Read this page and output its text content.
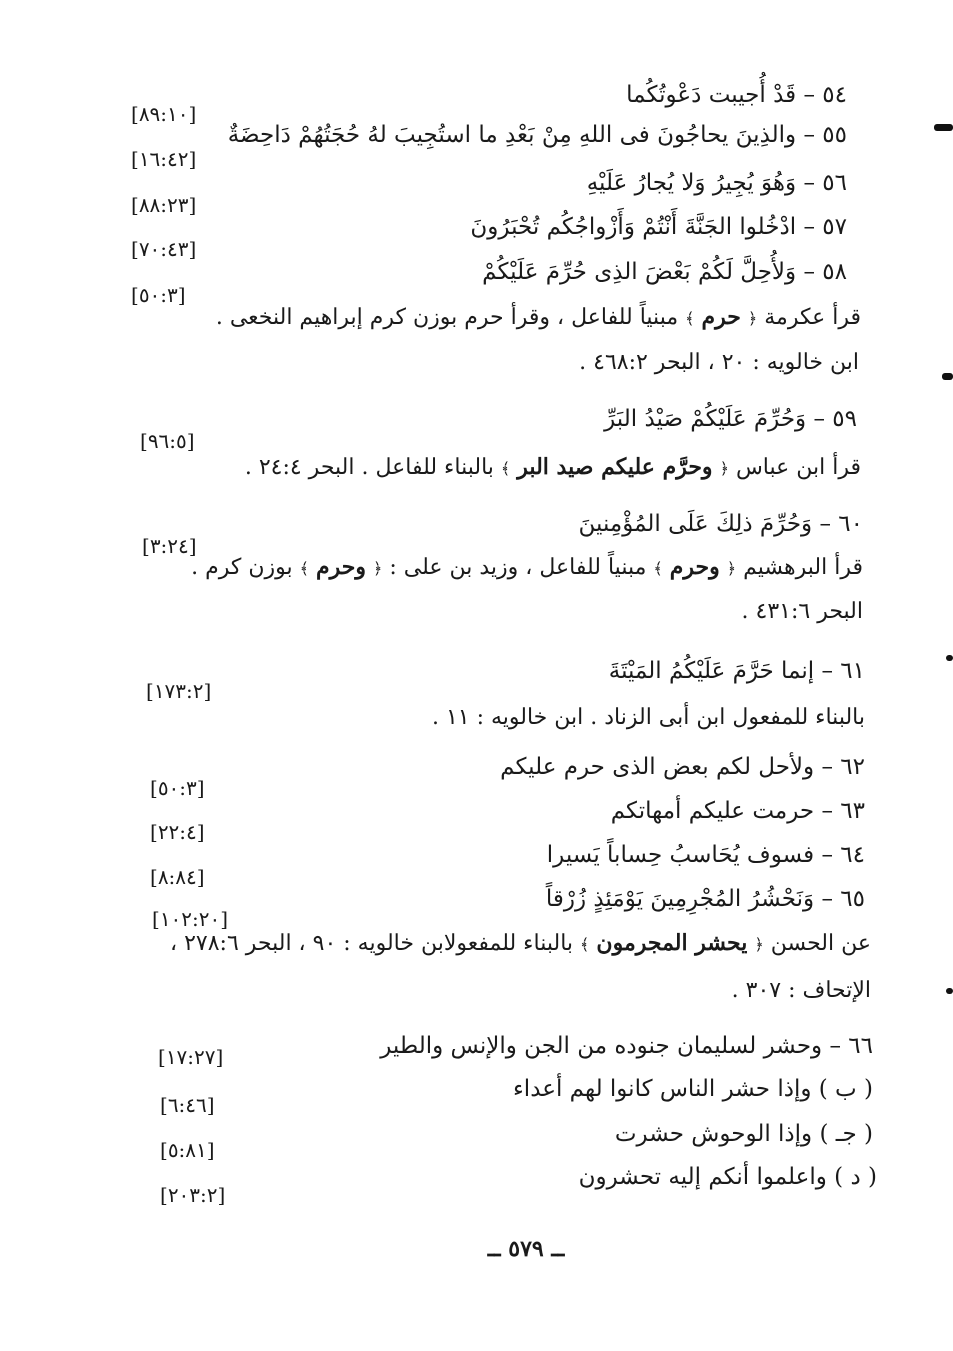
٥٤ – قَدْ أُجيبت دَعْوتُكُما
[٨٩:١٠]
٥٥ – والذِينَ يحاجُونَ فى اللهِ مِنْ بَعْدِ ما استُجِيبَ لهُ حُجَتُهُمْ دَاحِضَةٌ
[١٦:٤٢]
٥٦ – وَهُوَ يُجِيرُ وَلا يُجارُ عَلَيْهِ
[٨٨:٢٣]
٥٧ – ادْخُلوا الجَنَّةَ أَنْتُمْ وَأَزْواجُكُم تُحْبَرُونَ
[٧٠:٤٣]
٥٨ – وَلأُحِلَّ لَكُمْ بَعْضَ الذِى حُرِّمَ عَلَيْكُمْ
[٥٠:٣]
قرأ عكرمة ﴿ حرم ﴾ مبنياً للفاعل ، وقرأ حرم بوزن كرم إبراهيم النخعى .
ابن خالويه : ٢٠ ، البحر ٤٦٨:٢ .
٥٩ – وَحُرِّمَ عَلَيْكُمْ صَيْدُ البَرِّ
[٩٦:٥]
قرأ ابن عباس ﴿ وحرَّم عليكم صيد البر ﴾ بالبناء للفاعل . البحر ٢٤:٤ .
٦٠ – وَحُرِّمَ ذلِكَ عَلَى المُؤْمِنينَ
[٣:٢٤]
قرأ البرهشيم ﴿ وحرم ﴾ مبنياً للفاعل ، وزيد بن على : ﴿ وحرم ﴾ بوزن كرم .
البحر ٤٣١:٦ .
٦١ – إنما حَرَّمَ عَلَيْكُمُ المَيْتَةَ
[١٧٣:٢]
بالبناء للمفعول ابن أبى الزناد . ابن خالويه : ١١ .
٦٢ – ولأحل لكم بعض الذى حرم عليكم
[٥٠:٣]
٦٣ – حرمت عليكم أمهاتكم
[٢٢:٤]
٦٤ – فسوف يُحَاسبُ حِساباً يَسيرا
[٨:٨٤]
٦٥ – وَنَحْشُرُ المُجْرِمِينَ يَوْمَئِذٍ زُرْقاً
[١٠٢:٢٠]
عن الحسن ﴿ يحشر المجرمون ﴾ بالبناء للمفعولابن خالويه : ٩٠ ، البحر ٢٧٨:٦ ،
الإتحاف : ٣٠٧ .
٦٦ – وحشر لسليمان جنوده من الجن والإنس والطير
[١٧:٢٧]
( ب ) وإذا حشر الناس كانوا لهم أعداء
[٦:٤٦]
( جـ ) وإذا الوحوش حشرت
[٥:٨١]
( د ) واعلموا أنكم إليه تحشرون
[٢٠٣:٢]
ــ ٥٧٩ ــ
